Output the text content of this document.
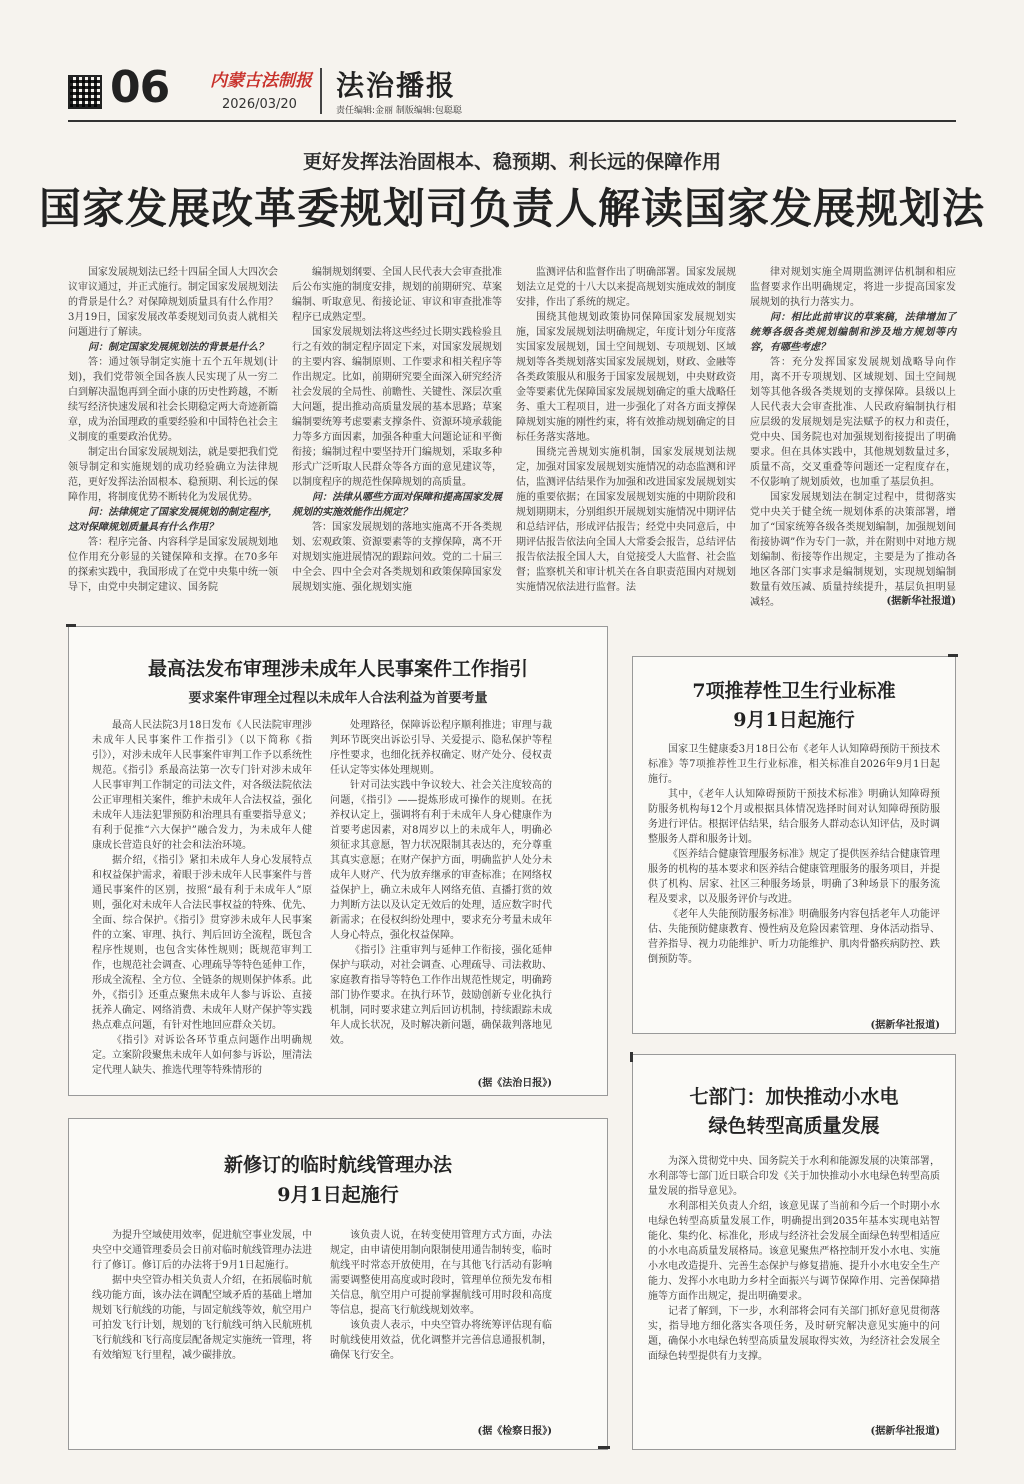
06 内蒙古法制报
2026/03/20
法治播报
责任编辑:金丽 制版编辑:包聪聪
更好发挥法治固根本、稳预期、利长远的保障作用
国家发展改革委规划司负责人解读国家发展规划法

国家发展规划法已经十四届全国人大四次会议审议通过，并正式施行。制定国家发展规划法的背景是什么？对保障规划质量具有什么作用？3月19日，国家发展改革委规划司负责人就相关问题进行了解读。

问：制定国家发展规划法的背景是什么？

答：通过领导制定实施十五个五年规划(计划)，我们党带领全国各族人民实现了从一穷二白到解决温饱再到全面小康的历史性跨越，不断续写经济快速发展和社会长期稳定两大奇迹新篇章，成为治国理政的重要经验和中国特色社会主义制度的重要政治优势。

制定出台国家发展规划法，就是要把我们党领导制定和实施规划的成功经验确立为法律规范，更好发挥法治固根本、稳预期、利长远的保障作用，将制度优势不断转化为发展优势。

问：法律规定了国家发展规划的制定程序，这对保障规划质量具有什么作用？

答：程序完备、内容科学是国家发展规划地位作用充分彰显的关键保障和支撑。在70多年的探索实践中，我国形成了在党中央集中统一领导下，由党中央制定建议、国务院

编制规划纲要、全国人民代表大会审查批准后公布实施的制度安排，规划的前期研究、草案编制、听取意见、衔接论证、审议和审查批准等程序已成熟定型。

国家发展规划法将这些经过长期实践检验且行之有效的制定程序固定下来，对国家发展规划的主要内容、编制原则、工作要求和相关程序等作出规定。比如，前期研究要全面深入研究经济社会发展的全局性、前瞻性、关键性、深层次重大问题，提出推动高质量发展的基本思路；草案编制要统筹考虑要素支撑条件、资源环境承载能力等多方面因素，加强各种重大问题论证和平衡衔接；编制过程中要坚持开门编规划，采取多种形式广泛听取人民群众等各方面的意见建议等，以制度程序的规范性保障规划的高质量。

问：法律从哪些方面对保障和提高国家发展规划的实施效能作出规定？

答：国家发展规划的落地实施离不开各类规划、宏观政策、资源要素等的支撑保障，离不开对规划实施进展情况的跟踪问效。党的二十届三中全会、四中全会对各类规划和政策保障国家发展规划实施、强化规划实施

监测评估和监督作出了明确部署。国家发展规划法立足党的十八大以来提高规划实施成效的制度安排，作出了系统的规定。

围绕其他规划政策协同保障国家发展规划实施，国家发展规划法明确规定，年度计划分年度落实国家发展规划，国土空间规划、专项规划、区域规划等各类规划落实国家发展规划，财政、金融等各类政策服从和服务于国家发展规划，中央财政资金等要素优先保障国家发展规划确定的重大战略任务、重大工程项目，进一步强化了对各方面支撑保障规划实施的刚性约束，将有效推动规划确定的目标任务落实落地。

围绕完善规划实施机制，国家发展规划法规定，加强对国家发展规划实施情况的动态监测和评估，监测评估结果作为加强和改进国家发展规划实施的重要依据；在国家发展规划实施的中期阶段和规划期期末，分别组织开展规划实施情况中期评估和总结评估，形成评估报告；经党中央同意后，中期评估报告依法向全国人大常委会报告，总结评估报告依法报全国人大，自觉接受人大监督、社会监督；监察机关和审计机关在各自职责范围内对规划实施情况依法进行监督。法

律对规划实施全周期监测评估机制和相应监督要求作出明确规定，将进一步提高国家发展规划的执行力落实力。

问：相比此前审议的草案稿，法律增加了统筹各级各类规划编制和涉及地方规划等内容，有哪些考虑？

答：充分发挥国家发展规划战略导向作用，离不开专项规划、区域规划、国土空间规划等其他各级各类规划的支撑保障。县级以上人民代表大会审查批准、人民政府编制执行相应层级的发展规划是宪法赋予的权力和责任，党中央、国务院也对加强规划衔接提出了明确要求。但在具体实践中，其他规划数量过多，质量不高，交叉重叠等问题还一定程度存在，不仅影响了规划质效，也加重了基层负担。

国家发展规划法在制定过程中，贯彻落实党中央关于健全统一规划体系的决策部署，增加了“国家统筹各级各类规划编制，加强规划间衔接协调”作为专门一款，并在附则中对地方规划编制、衔接等作出规定，主要是为了推动各地区各部门实事求是编制规划，实现规划编制数量有效压减、质量持续提升，基层负担明显减轻。	(据新华社报道)
最高法发布审理涉未成年人民事案件工作指引
要求案件审理全过程以未成年人合法利益为首要考量

最高人民法院3月18日发布《人民法院审理涉未成年人民事案件工作指引》（以下简称《指引》），对涉未成年人民事案件审判工作予以系统性规范。《指引》系最高法第一次专门针对涉未成年人民事审判工作制定的司法文件，对各级法院依法公正审理相关案件，维护未成年人合法权益，强化未成年人违法犯罪预防和治理具有重要指导意义；有利于促推“六大保护”融合发力，为未成年人健康成长营造良好的社会和法治环境。

据介绍，《指引》紧扣未成年人身心发展特点和权益保护需求，着眼于涉未成年人民事案件与普通民事案件的区别，按照“最有利于未成年人”原则，强化对未成年人合法民事权益的特殊、优先、全面、综合保护。《指引》贯穿涉未成年人民事案件的立案、审理、执行、判后回访全流程，既包含程序性规则，也包含实体性规则；既规范审判工作，也规范社会调查、心理疏导等特色延伸工作，形成全流程、全方位、全链条的规则保护体系。此外，《指引》还重点聚焦未成年人参与诉讼、直接抚养人确定、网络消费、未成年人财产保护等实践热点难点问题，有针对性地回应群众关切。

《指引》对诉讼各环节重点问题作出明确规定。立案阶段聚焦未成年人如何参与诉讼，厘清法定代理人缺失、推选代理等特殊情形的

处理路径，保障诉讼程序顺利推进；审理与裁判环节既突出诉讼引导、关爱提示、隐私保护等程序性要求，也细化抚养权确定、财产处分、侵权责任认定等实体处理规则。

针对司法实践中争议较大、社会关注度较高的问题，《指引》——提炼形成可操作的规则。在抚养权认定上，强调将有利于未成年人身心健康作为首要考虑因素，对8周岁以上的未成年人，明确必须征求其意愿，智力状况限制其表达的，充分尊重其真实意愿；在财产保护方面，明确监护人处分未成年人财产、代为放弃继承的审查标准；在网络权益保护上，确立未成年人网络充值、直播打赏的效力判断方法以及认定无效后的处理，适应数字时代新需求；在侵权纠纷处理中，要求充分考量未成年人身心特点，强化权益保障。

《指引》注重审判与延伸工作衔接，强化延伸保护与联动，对社会调查、心理疏导、司法救助、家庭教育指导等特色工作作出规范性规定，明确跨部门协作要求。在执行环节，鼓励创新专业化执行机制，同时要求建立判后回访机制，持续跟踪未成年人成长状况，及时解决新问题，确保裁判落地见效。

(据《法治日报》)
7项推荐性卫生行业标准
9月1日起施行

国家卫生健康委3月18日公布《老年人认知障碍预防干预技术标准》等7项推荐性卫生行业标准，相关标准自2026年9月1日起施行。

其中，《老年人认知障碍预防干预技术标准》明确认知障碍预防服务机构每12个月或根据具体情况选择时间对认知障碍预防服务进行评估。根据评估结果，结合服务人群动态认知评估，及时调整服务人群和服务计划。

《医养结合健康管理服务标准》规定了提供医养结合健康管理服务的机构的基本要求和医养结合健康管理服务的服务项目，并提供了机构、居家、社区三种服务场景，明确了3种场景下的服务流程及要求，以及服务评价与改进。

《老年人失能预防服务标准》明确服务内容包括老年人功能评估、失能预防健康教育、慢性病及危险因素管理、身体活动指导、营养指导、视力功能维护、听力功能维护、肌肉骨骼疾病防控、跌倒预防等。

(据新华社报道)
七部门：加快推动小水电
绿色转型高质量发展

为深入贯彻党中央、国务院关于水利和能源发展的决策部署，水利部等七部门近日联合印发《关于加快推动小水电绿色转型高质量发展的指导意见》。

水利部相关负责人介绍，该意见谋了当前和今后一个时期小水电绿色转型高质量发展工作，明确提出到2035年基本实现电站智能化、集约化、标准化，形成与经济社会发展全面绿色转型相适应的小水电高质量发展格局。该意见聚焦严格控制开发小水电、实施小水电改造提升、完善生态保护与修复措施、提升小水电安全生产能力、发挥小水电助力乡村全面振兴与调节保障作用、完善保障措施等方面作出规定，提出明确要求。

记者了解到，下一步，水利部将会同有关部门抓好意见贯彻落实，指导地方细化落实各项任务，及时研究解决意见实施中的问题，确保小水电绿色转型高质量发展取得实效，为经济社会发展全面绿色转型提供有力支撑。

(据新华社报道)
新修订的临时航线管理办法
9月1日起施行

为提升空域使用效率，促进航空事业发展，中央空中交通管理委员会日前对临时航线管理办法进行了修订。修订后的办法将于9月1日起施行。

据中央空管办相关负责人介绍，在拓展临时航线功能方面，该办法在调配空域矛盾的基础上增加规划飞行航线的功能，与固定航线等效，航空用户可拍发飞行计划，规划的飞行航线可纳入民航班机飞行航线和飞行高度层配备规定实施统一管理，将有效缩短飞行里程，减少碳排放。

该负责人说，在转变使用管理方式方面，办法规定，由申请使用制向限制使用通告制转变，临时航线平时常态开放使用，在与其他飞行活动有影响需要调整使用高度或时段时，管理单位预先发布相关信息，航空用户可提前掌握航线可用时段和高度等信息，提高飞行航线规划效率。

该负责人表示，中央空管办将统筹评估现有临时航线使用效益，优化调整并完善信息通报机制，确保飞行安全。

(据《检察日报》)
